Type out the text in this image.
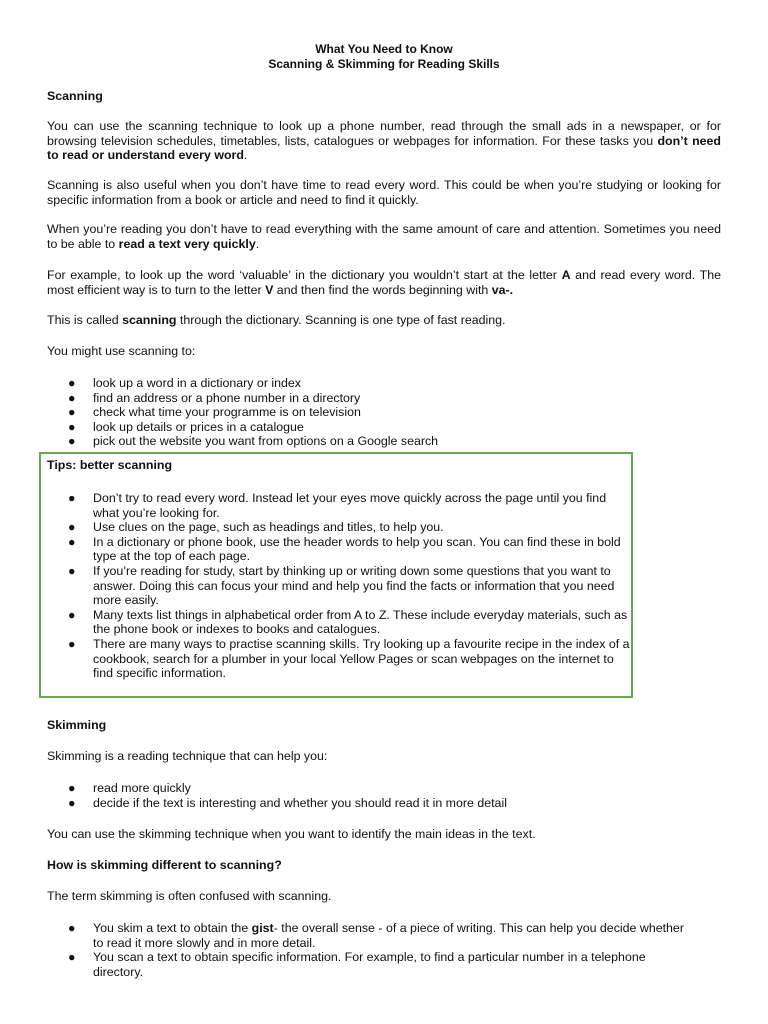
What You Need to Know
Scanning & Skimming for Reading Skills
Scanning

You can use the scanning technique to look up a phone number, read through the small ads in a newspaper, or for browsing television schedules, timetables, lists, catalogues or webpages for information. For these tasks you don’t need to read or understand every word.

Scanning is also useful when you don’t have time to read every word. This could be when you’re studying or looking for specific information from a book or article and need to find it quickly.

When you’re reading you don’t have to read everything with the same amount of care and attention. Sometimes you need to be able to read a text very quickly.

For example, to look up the word ‘valuable’ in the dictionary you wouldn’t start at the letter A and read every word. The most efficient way is to turn to the letter V and then find the words beginning with va-.

This is called scanning through the dictionary. Scanning is one type of fast reading.

You might use scanning to:

● look up a word in a dictionary or index
● find an address or a phone number in a directory
● check what time your programme is on television
● look up details or prices in a catalogue
● pick out the website you want from options on a Google search
Tips: better scanning
● Don’t try to read every word. Instead let your eyes move quickly across the page until you find what you’re looking for.
● Use clues on the page, such as headings and titles, to help you.
● In a dictionary or phone book, use the header words to help you scan. You can find these in bold type at the top of each page.
● If you’re reading for study, start by thinking up or writing down some questions that you want to answer. Doing this can focus your mind and help you find the facts or information that you need more easily.
● Many texts list things in alphabetical order from A to Z. These include everyday materials, such as the phone book or indexes to books and catalogues.
● There are many ways to practise scanning skills. Try looking up a favourite recipe in the index of a cookbook, search for a plumber in your local Yellow Pages or scan webpages on the internet to find specific information.
Skimming

Skimming is a reading technique that can help you:

● read more quickly
● decide if the text is interesting and whether you should read it in more detail

You can use the skimming technique when you want to identify the main ideas in the text.

How is skimming different to scanning?

The term skimming is often confused with scanning.

● You skim a text to obtain the gist- the overall sense - of a piece of writing. This can help you decide whether to read it more slowly and in more detail.
● You scan a text to obtain specific information. For example, to find a particular number in a telephone directory.
